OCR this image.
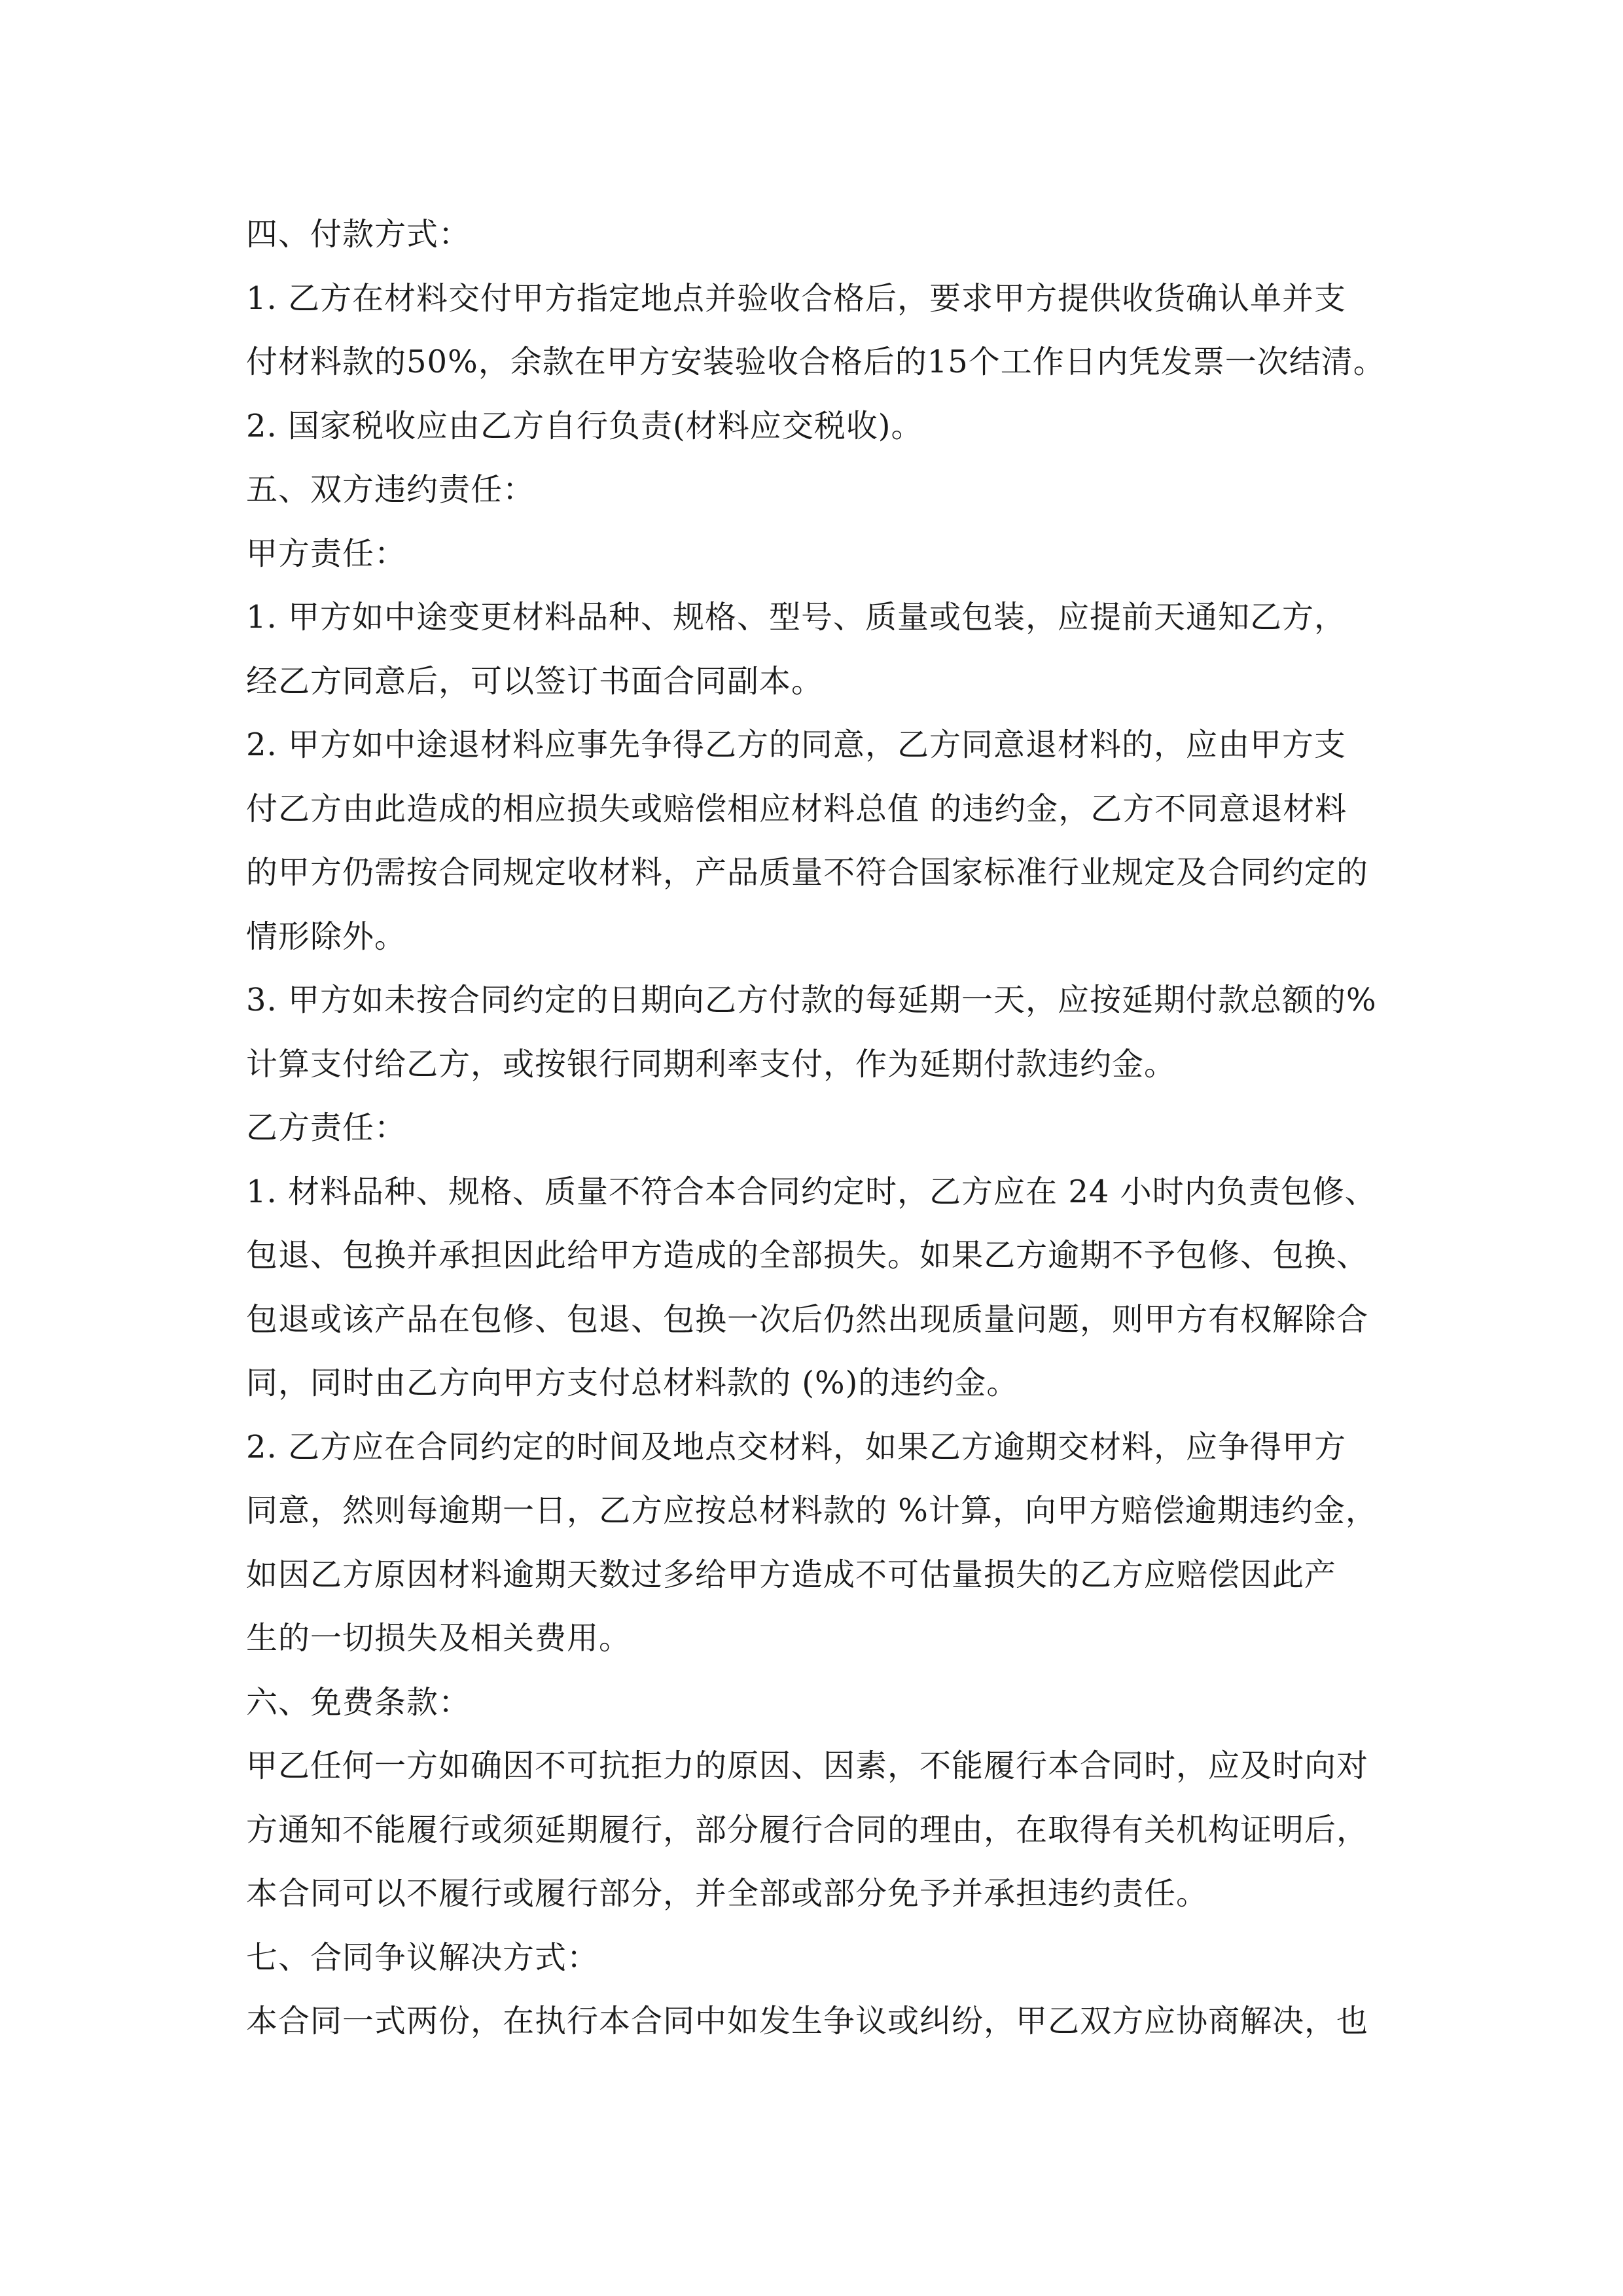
四、付款方式：
1. 乙方在材料交付甲方指定地点并验收合格后，要求甲方提供收货确认单并支
付材料款的50%，余款在甲方安装验收合格后的15个工作日内凭发票一次结清。
2. 国家税收应由乙方自行负责(材料应交税收)。
五、双方违约责任：
甲方责任：
1. 甲方如中途变更材料品种、规格、型号、质量或包装，应提前天通知乙方，
经乙方同意后，可以签订书面合同副本。
2. 甲方如中途退材料应事先争得乙方的同意，乙方同意退材料的，应由甲方支
付乙方由此造成的相应损失或赔偿相应材料总值 的违约金，乙方不同意退材料
的甲方仍需按合同规定收材料，产品质量不符合国家标准行业规定及合同约定的
情形除外。
3. 甲方如未按合同约定的日期向乙方付款的每延期一天，应按延期付款总额的%
计算支付给乙方，或按银行同期利率支付，作为延期付款违约金。
乙方责任：
1. 材料品种、规格、质量不符合本合同约定时，乙方应在 24 小时内负责包修、
包退、包换并承担因此给甲方造成的全部损失。如果乙方逾期不予包修、包换、
包退或该产品在包修、包退、包换一次后仍然出现质量问题，则甲方有权解除合
同，同时由乙方向甲方支付总材料款的 (%)的违约金。
2. 乙方应在合同约定的时间及地点交材料，如果乙方逾期交材料，应争得甲方
同意，然则每逾期一日，乙方应按总材料款的 %计算，向甲方赔偿逾期违约金，
如因乙方原因材料逾期天数过多给甲方造成不可估量损失的乙方应赔偿因此产
生的一切损失及相关费用。
六、免费条款：
甲乙任何一方如确因不可抗拒力的原因、因素，不能履行本合同时，应及时向对
方通知不能履行或须延期履行，部分履行合同的理由，在取得有关机构证明后，
本合同可以不履行或履行部分，并全部或部分免予并承担违约责任。
七、合同争议解决方式：
本合同一式两份，在执行本合同中如发生争议或纠纷，甲乙双方应协商解决，也
